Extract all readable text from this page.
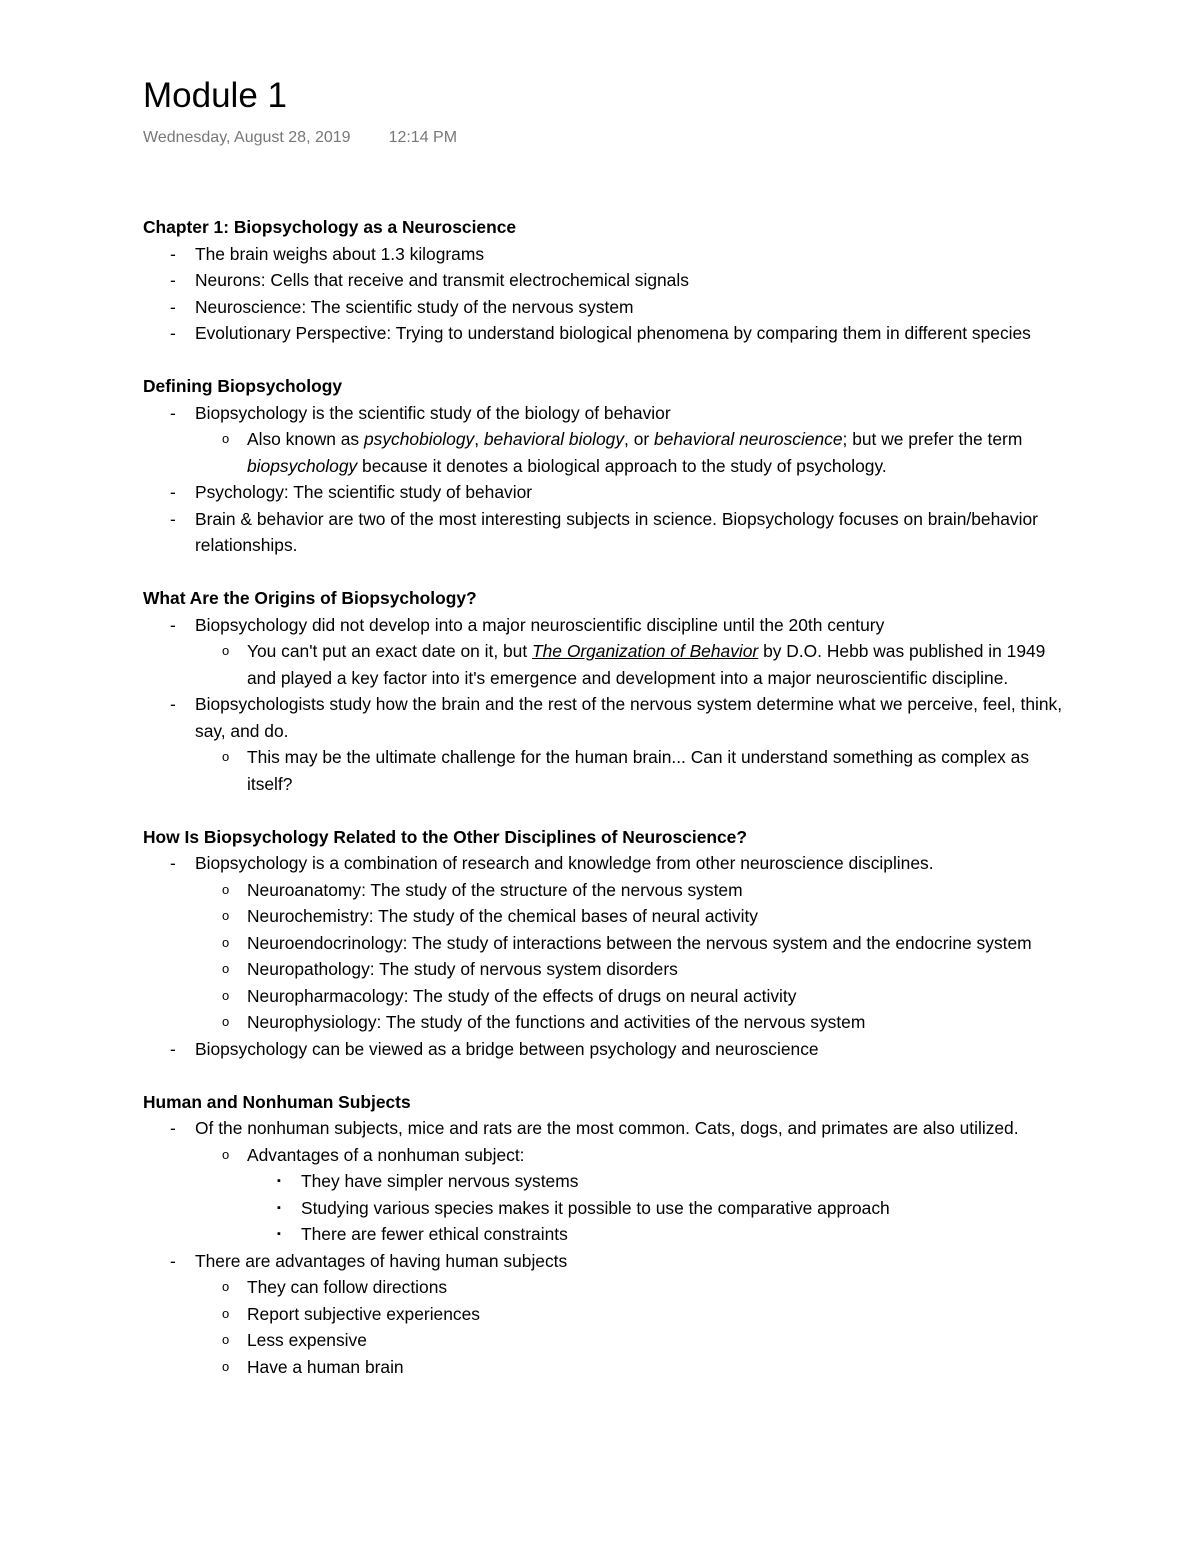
Module 1
Wednesday, August 28, 2019 12:14 PM

Chapter 1: Biopsychology as a Neuroscience

- The brain weighs about 1.3 kilograms

- Neurons: Cells that receive and transmit electrochemical signals

- Neuroscience: The scientific study of the nervous system

- Evolutionary Perspective: Trying to understand biological phenomena by comparing them in different species

Defining Biopsychology

- Biopsychology is the scientific study of the biology of behavior

o Also known as psychobiology, behavioral biology, or behavioral neuroscience; but we prefer the term biopsychology because it denotes a biological approach to the study of psychology.

- Psychology: The scientific study of behavior

- Brain & behavior are two of the most interesting subjects in science. Biopsychology focuses on brain/behavior relationships.

What Are the Origins of Biopsychology?

- Biopsychology did not develop into a major neuroscientific discipline until the 20th century

o You can't put an exact date on it, but The Organization of Behavior by D.O. Hebb was published in 1949 and played a key factor into it's emergence and development into a major neuroscientific discipline.

- Biopsychologists study how the brain and the rest of the nervous system determine what we perceive, feel, think, say, and do.

o This may be the ultimate challenge for the human brain... Can it understand something as complex as itself?

How Is Biopsychology Related to the Other Disciplines of Neuroscience?

- Biopsychology is a combination of research and knowledge from other neuroscience disciplines.

o Neuroanatomy: The study of the structure of the nervous system

o Neurochemistry: The study of the chemical bases of neural activity

o Neuroendocrinology: The study of interactions between the nervous system and the endocrine system

o Neuropathology: The study of nervous system disorders

o Neuropharmacology: The study of the effects of drugs on neural activity

o Neurophysiology: The study of the functions and activities of the nervous system

- Biopsychology can be viewed as a bridge between psychology and neuroscience

Human and Nonhuman Subjects

- Of the nonhuman subjects, mice and rats are the most common. Cats, dogs, and primates are also utilized.

o Advantages of a nonhuman subject:

▪ They have simpler nervous systems

▪ Studying various species makes it possible to use the comparative approach

▪ There are fewer ethical constraints

- There are advantages of having human subjects

o They can follow directions

o Report subjective experiences

o Less expensive

o Have a human brain
